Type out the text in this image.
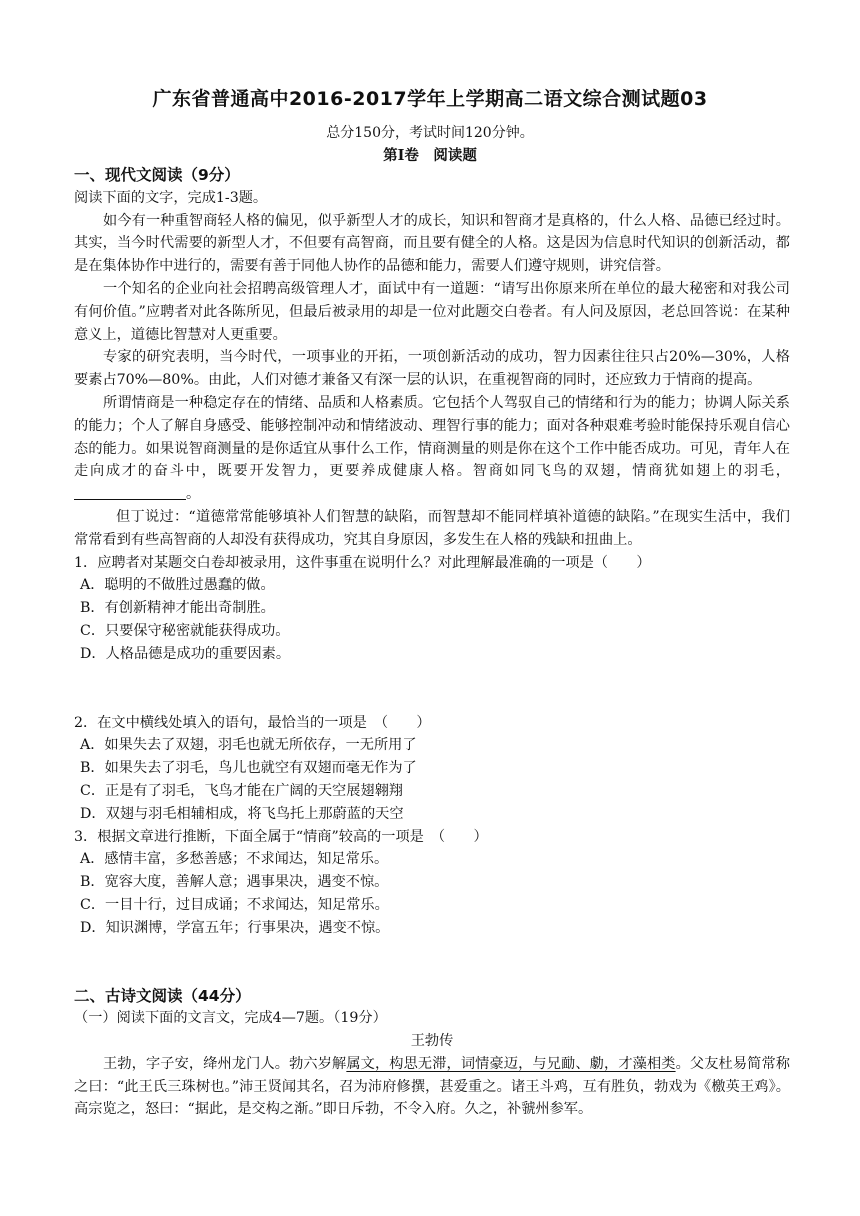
广东省普通高中2016-2017学年上学期高二语文综合测试题03
总分150分，考试时间120分钟。
第I卷　阅读题

一、现代文阅读（9分）

阅读下面的文字，完成1-3题。

如今有一种重智商轻人格的偏见，似乎新型人才的成长，知识和智商才是真格的，什么人格、品德已经过时。其实，当今时代需要的新型人才，不但要有高智商，而且要有健全的人格。这是因为信息时代知识的创新活动，都是在集体协作中进行的，需要有善于同他人协作的品德和能力，需要人们遵守规则，讲究信誉。

一个知名的企业向社会招聘高级管理人才，面试中有一道题：“请写出你原来所在单位的最大秘密和对我公司有何价值。”应聘者对此各陈所见，但最后被录用的却是一位对此题交白卷者。有人问及原因，老总回答说：在某种意义上，道德比智慧对人更重要。

专家的研究表明，当今时代，一项事业的开拓，一项创新活动的成功，智力因素往往只占20%—30%，人格要素占70%—80%。由此，人们对德才兼备又有深一层的认识，在重视智商的同时，还应致力于情商的提高。

所谓情商是一种稳定存在的情绪、品质和人格素质。它包括个人驾驭自己的情绪和行为的能力；协调人际关系的能力；个人了解自身感受、能够控制冲动和情绪波动、理智行事的能力；面对各种艰难考验时能保持乐观自信心态的能力。如果说智商测量的是你适宜从事什么工作，情商测量的则是你在这个工作中能否成功。可见，青年人在走向成才的奋斗中，既要开发智力，更要养成健康人格。智商如同飞鸟的双翅，情商犹如翅上的羽毛，。

但丁说过：“道德常常能够填补人们智慧的缺陷，而智慧却不能同样填补道德的缺陷。”在现实生活中，我们常常看到有些高智商的人却没有获得成功，究其自身原因，多发生在人格的残缺和扭曲上。

1．应聘者对某题交白卷却被录用，这件事重在说明什么？对此理解最准确的一项是（　　）

A．聪明的不做胜过愚蠢的做。

B．有创新精神才能出奇制胜。

C．只要保守秘密就能获得成功。

D．人格品德是成功的重要因素。

2．在文中横线处填入的语句，最恰当的一项是　（　　）

A．如果失去了双翅，羽毛也就无所依存，一无所用了

B．如果失去了羽毛，鸟儿也就空有双翅而毫无作为了

C．正是有了羽毛，飞鸟才能在广阔的天空展翅翱翔

D．双翅与羽毛相辅相成，将飞鸟托上那蔚蓝的天空

3．根据文章进行推断，下面全属于“情商”较高的一项是　（　　）

A．感情丰富，多愁善感；不求闻达，知足常乐。

B．宽容大度，善解人意；遇事果决，遇变不惊。

C．一目十行，过目成诵；不求闻达，知足常乐。

D．知识渊博，学富五年；行事果决，遇变不惊。

二、古诗文阅读（44分）

（一）阅读下面的文言文，完成4—7题。（19分）

王勃传

王勃，字子安，绛州龙门人。勃六岁解属文，构思无滞，词情豪迈，与兄勔、勮，才藻相类。父友杜易简常称之曰：“此王氏三珠树也。”沛王贤闻其名，召为沛府修撰，甚爱重之。诸王斗鸡，互有胜负，勃戏为《檄英王鸡》。高宗览之，怒曰：“据此，是交构之渐。”即日斥勃，不令入府。久之，补虢州参军。
